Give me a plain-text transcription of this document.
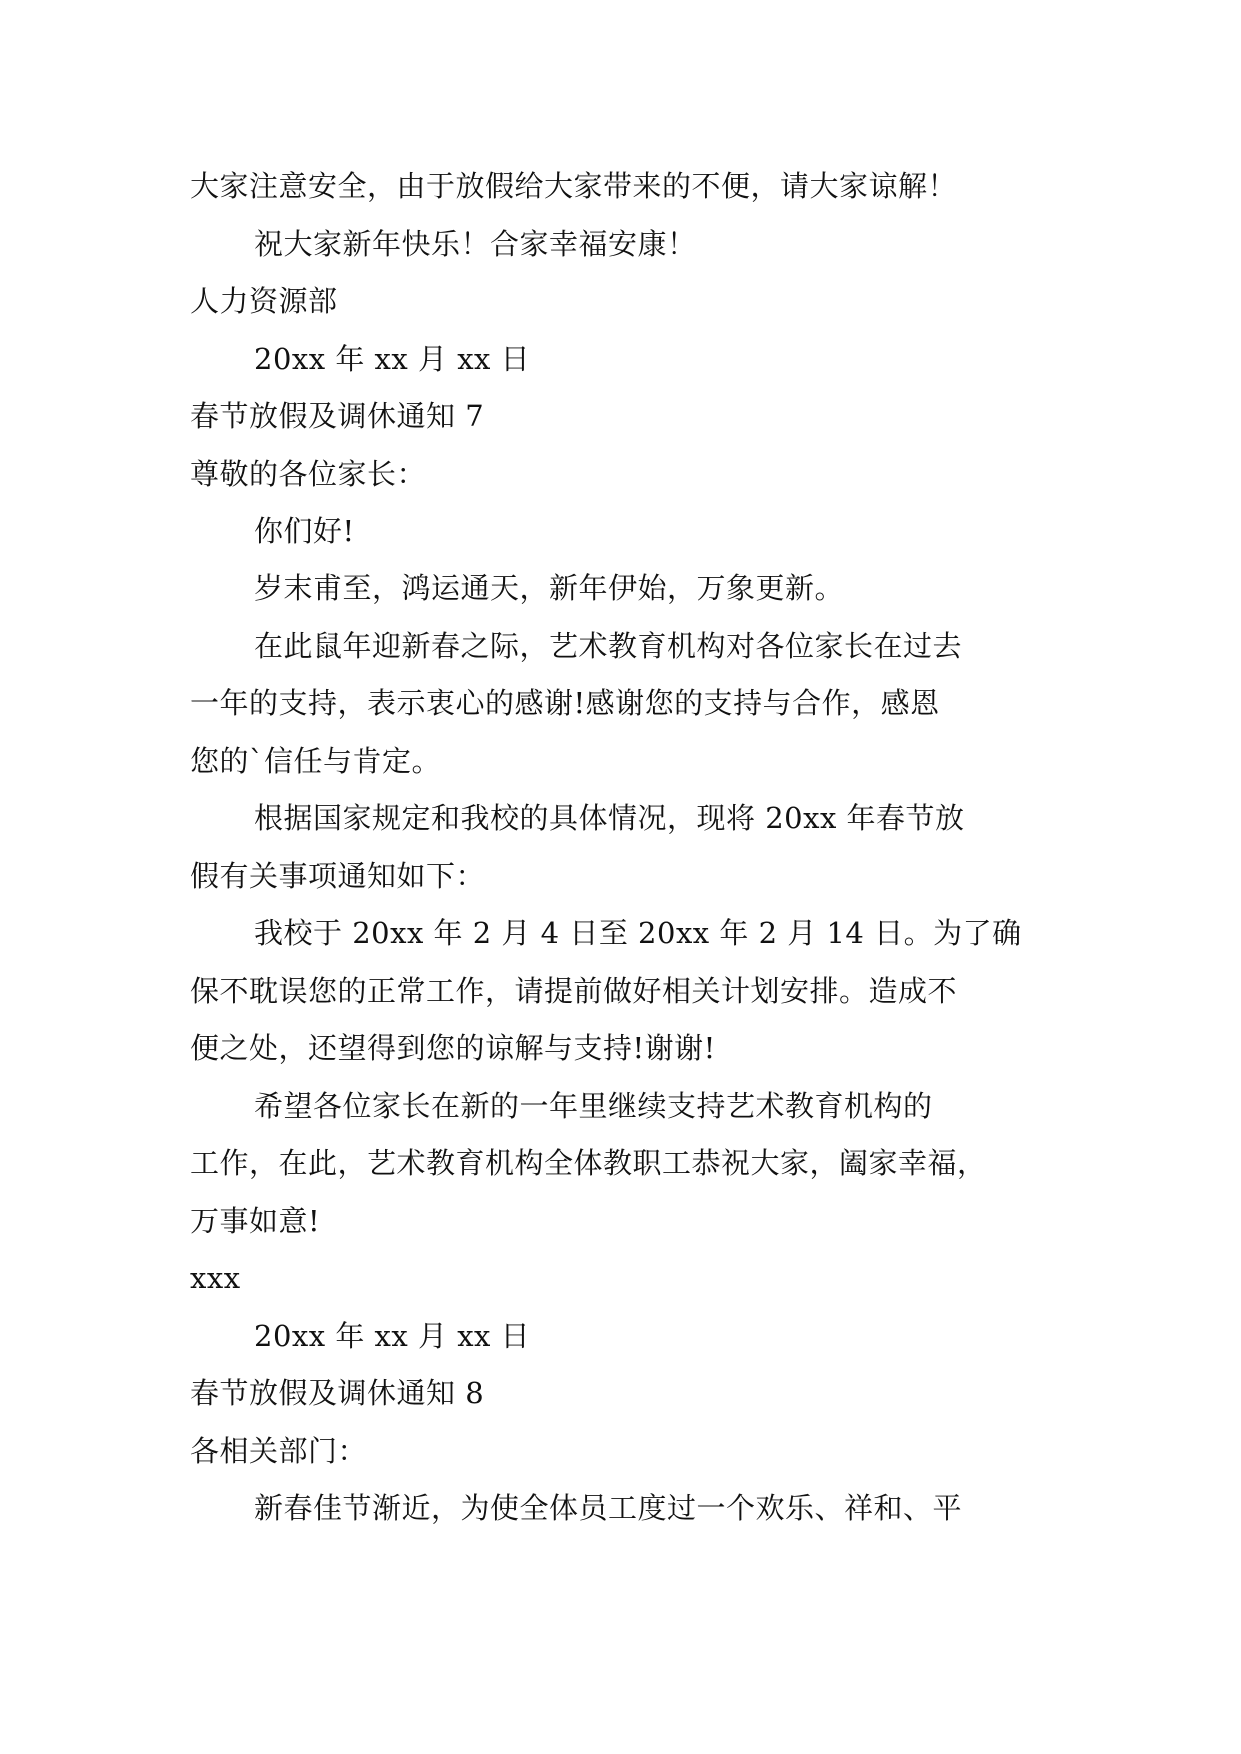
大家注意安全，由于放假给大家带来的不便，请大家谅解！
祝大家新年快乐！合家幸福安康！
人力资源部
20xx 年 xx 月 xx 日
春节放假及调休通知 7
尊敬的各位家长：
你们好!
岁末甫至，鸿运通天，新年伊始，万象更新。
在此鼠年迎新春之际，艺术教育机构对各位家长在过去
一年的支持，表示衷心的感谢!感谢您的支持与合作，感恩
您的`信任与肯定。
根据国家规定和我校的具体情况，现将 20xx 年春节放
假有关事项通知如下：
我校于 20xx 年 2 月 4 日至 20xx 年 2 月 14 日。为了确
保不耽误您的正常工作，请提前做好相关计划安排。造成不
便之处，还望得到您的谅解与支持!谢谢!
希望各位家长在新的一年里继续支持艺术教育机构的
工作，在此，艺术教育机构全体教职工恭祝大家，阖家幸福，
万事如意!
xxx
20xx 年 xx 月 xx 日
春节放假及调休通知 8
各相关部门：
新春佳节渐近，为使全体员工度过一个欢乐、祥和、平
